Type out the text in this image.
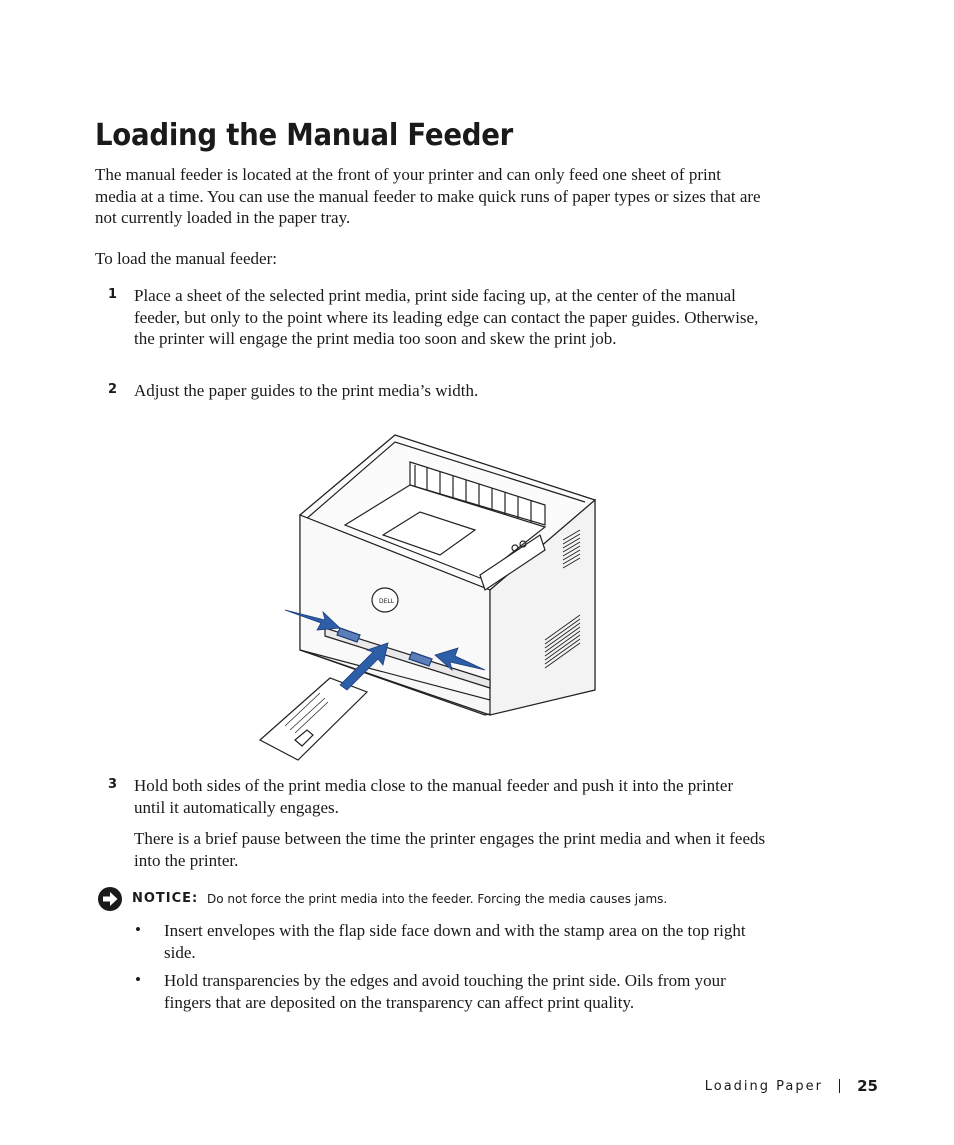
Loading the Manual Feeder

The manual feeder is located at the front of your printer and can only feed one sheet of print media at a time. You can use the manual feeder to make quick runs of paper types or sizes that are not currently loaded in the paper tray.

To load the manual feeder:

1 Place a sheet of the selected print media, print side facing up, at the center of the manual feeder, but only to the point where its leading edge can contact the paper guides. Otherwise, the printer will engage the print media too soon and skew the print job.

2 Adjust the paper guides to the print media’s width.

DELL
3 Hold both sides of the print media close to the manual feeder and push it into the printer until it automatically engages.

There is a brief pause between the time the printer engages the print media and when it feeds into the printer.

NOTICE: Do not force the print media into the feeder. Forcing the media causes jams.
• Insert envelopes with the flap side face down and with the stamp area on the top right side.

• Hold transparencies by the edges and avoid touching the print side. Oils from your fingers that are deposited on the transparency can affect print quality.

Loading Paper 25
